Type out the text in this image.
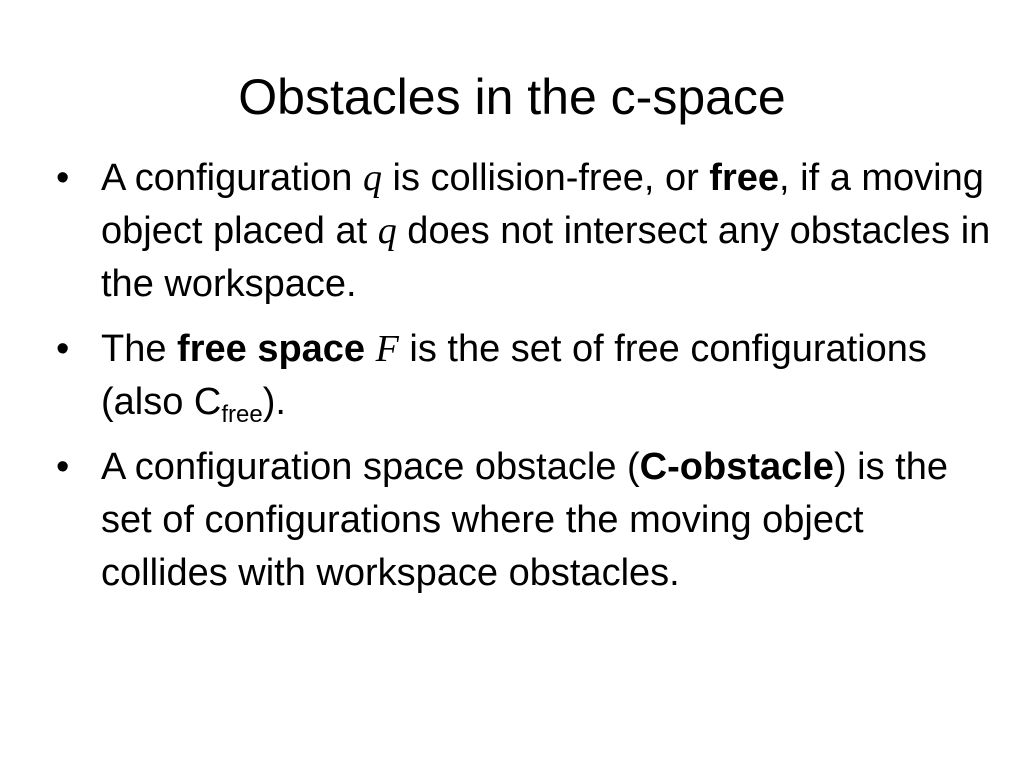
Obstacles in the c-space
• A configuration q is collision-free, or free, if a moving object placed at q does not intersect any obstacles in the workspace.
• The free space F is the set of free configurations (also $C_{free}$).
• A configuration space obstacle (C-obstacle) is the set of configurations where the moving object collides with workspace obstacles.
